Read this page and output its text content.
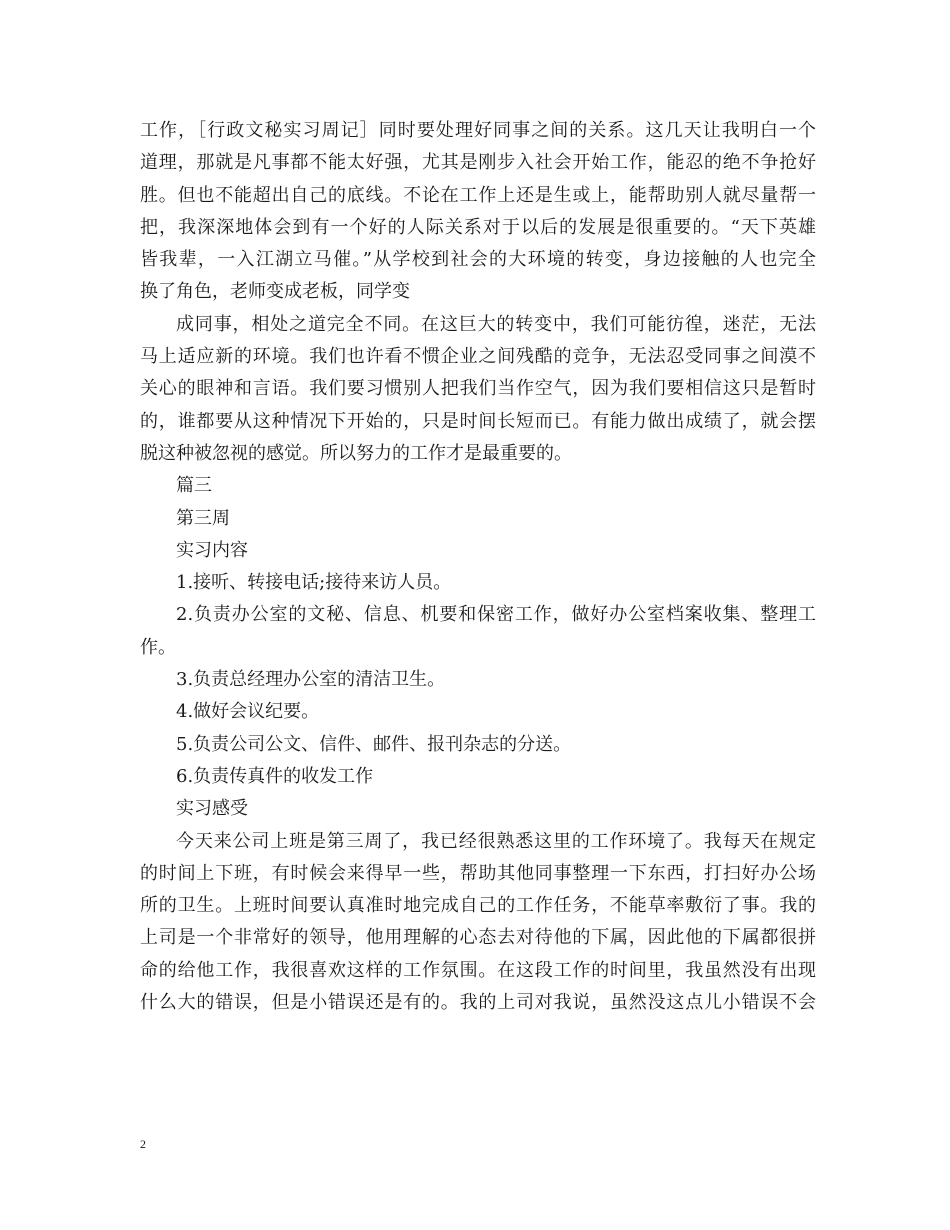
工作，［行政文秘实习周记］同时要处理好同事之间的关系。这几天让我明白一个
道理，那就是凡事都不能太好强，尤其是刚步入社会开始工作，能忍的绝不争抢好
胜。但也不能超出自己的底线。不论在工作上还是生或上，能帮助别人就尽量帮一
把，我深深地体会到有一个好的人际关系对于以后的发展是很重要的。“天下英雄
皆我辈，一入江湖立马催。”从学校到社会的大环境的转变，身边接触的人也完全
换了角色，老师变成老板，同学变
成同事，相处之道完全不同。在这巨大的转变中，我们可能彷徨，迷茫，无法
马上适应新的环境。我们也许看不惯企业之间残酷的竞争，无法忍受同事之间漠不
关心的眼神和言语。我们要习惯别人把我们当作空气，因为我们要相信这只是暂时
的，谁都要从这种情况下开始的，只是时间长短而已。有能力做出成绩了，就会摆
脱这种被忽视的感觉。所以努力的工作才是最重要的。
篇三
第三周
实习内容
1.接听、转接电话;接待来访人员。
2.负责办公室的文秘、信息、机要和保密工作，做好办公室档案收集、整理工
作。
3.负责总经理办公室的清洁卫生。
4.做好会议纪要。
5.负责公司公文、信件、邮件、报刊杂志的分送。
6.负责传真件的收发工作
实习感受
今天来公司上班是第三周了，我已经很熟悉这里的工作环境了。我每天在规定
的时间上下班，有时候会来得早一些，帮助其他同事整理一下东西，打扫好办公场
所的卫生。上班时间要认真准时地完成自己的工作任务，不能草率敷衍了事。我的
上司是一个非常好的领导，他用理解的心态去对待他的下属，因此他的下属都很拼
命的给他工作，我很喜欢这样的工作氛围。在这段工作的时间里，我虽然没有出现
什么大的错误，但是小错误还是有的。我的上司对我说，虽然没这点儿小错误不会
2
